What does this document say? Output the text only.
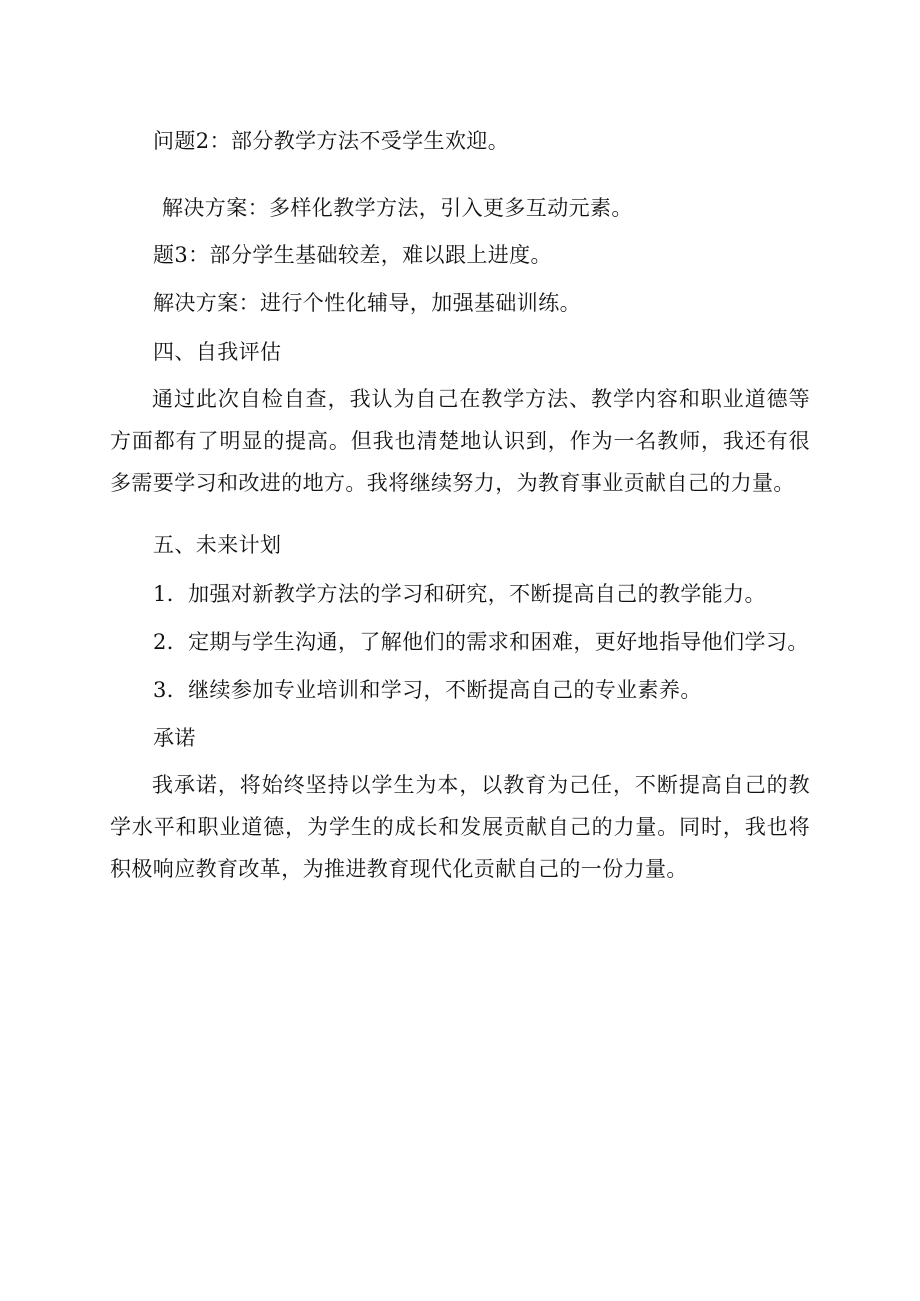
问题2：部分教学方法不受学生欢迎。
解决方案：多样化教学方法，引入更多互动元素。
题3：部分学生基础较差，难以跟上进度。
解决方案：进行个性化辅导，加强基础训练。
四、自我评估
通过此次自检自查，我认为自己在教学方法、教学内容和职业道德等方面都有了明显的提高。但我也清楚地认识到，作为一名教师，我还有很多需要学习和改进的地方。我将继续努力，为教育事业贡献自己的力量。
五、未来计划
1．加强对新教学方法的学习和研究，不断提高自己的教学能力。
2．定期与学生沟通，了解他们的需求和困难，更好地指导他们学习。
3．继续参加专业培训和学习，不断提高自己的专业素养。
承诺
我承诺，将始终坚持以学生为本，以教育为己任，不断提高自己的教学水平和职业道德，为学生的成长和发展贡献自己的力量。同时，我也将积极响应教育改革，为推进教育现代化贡献自己的一份力量。
